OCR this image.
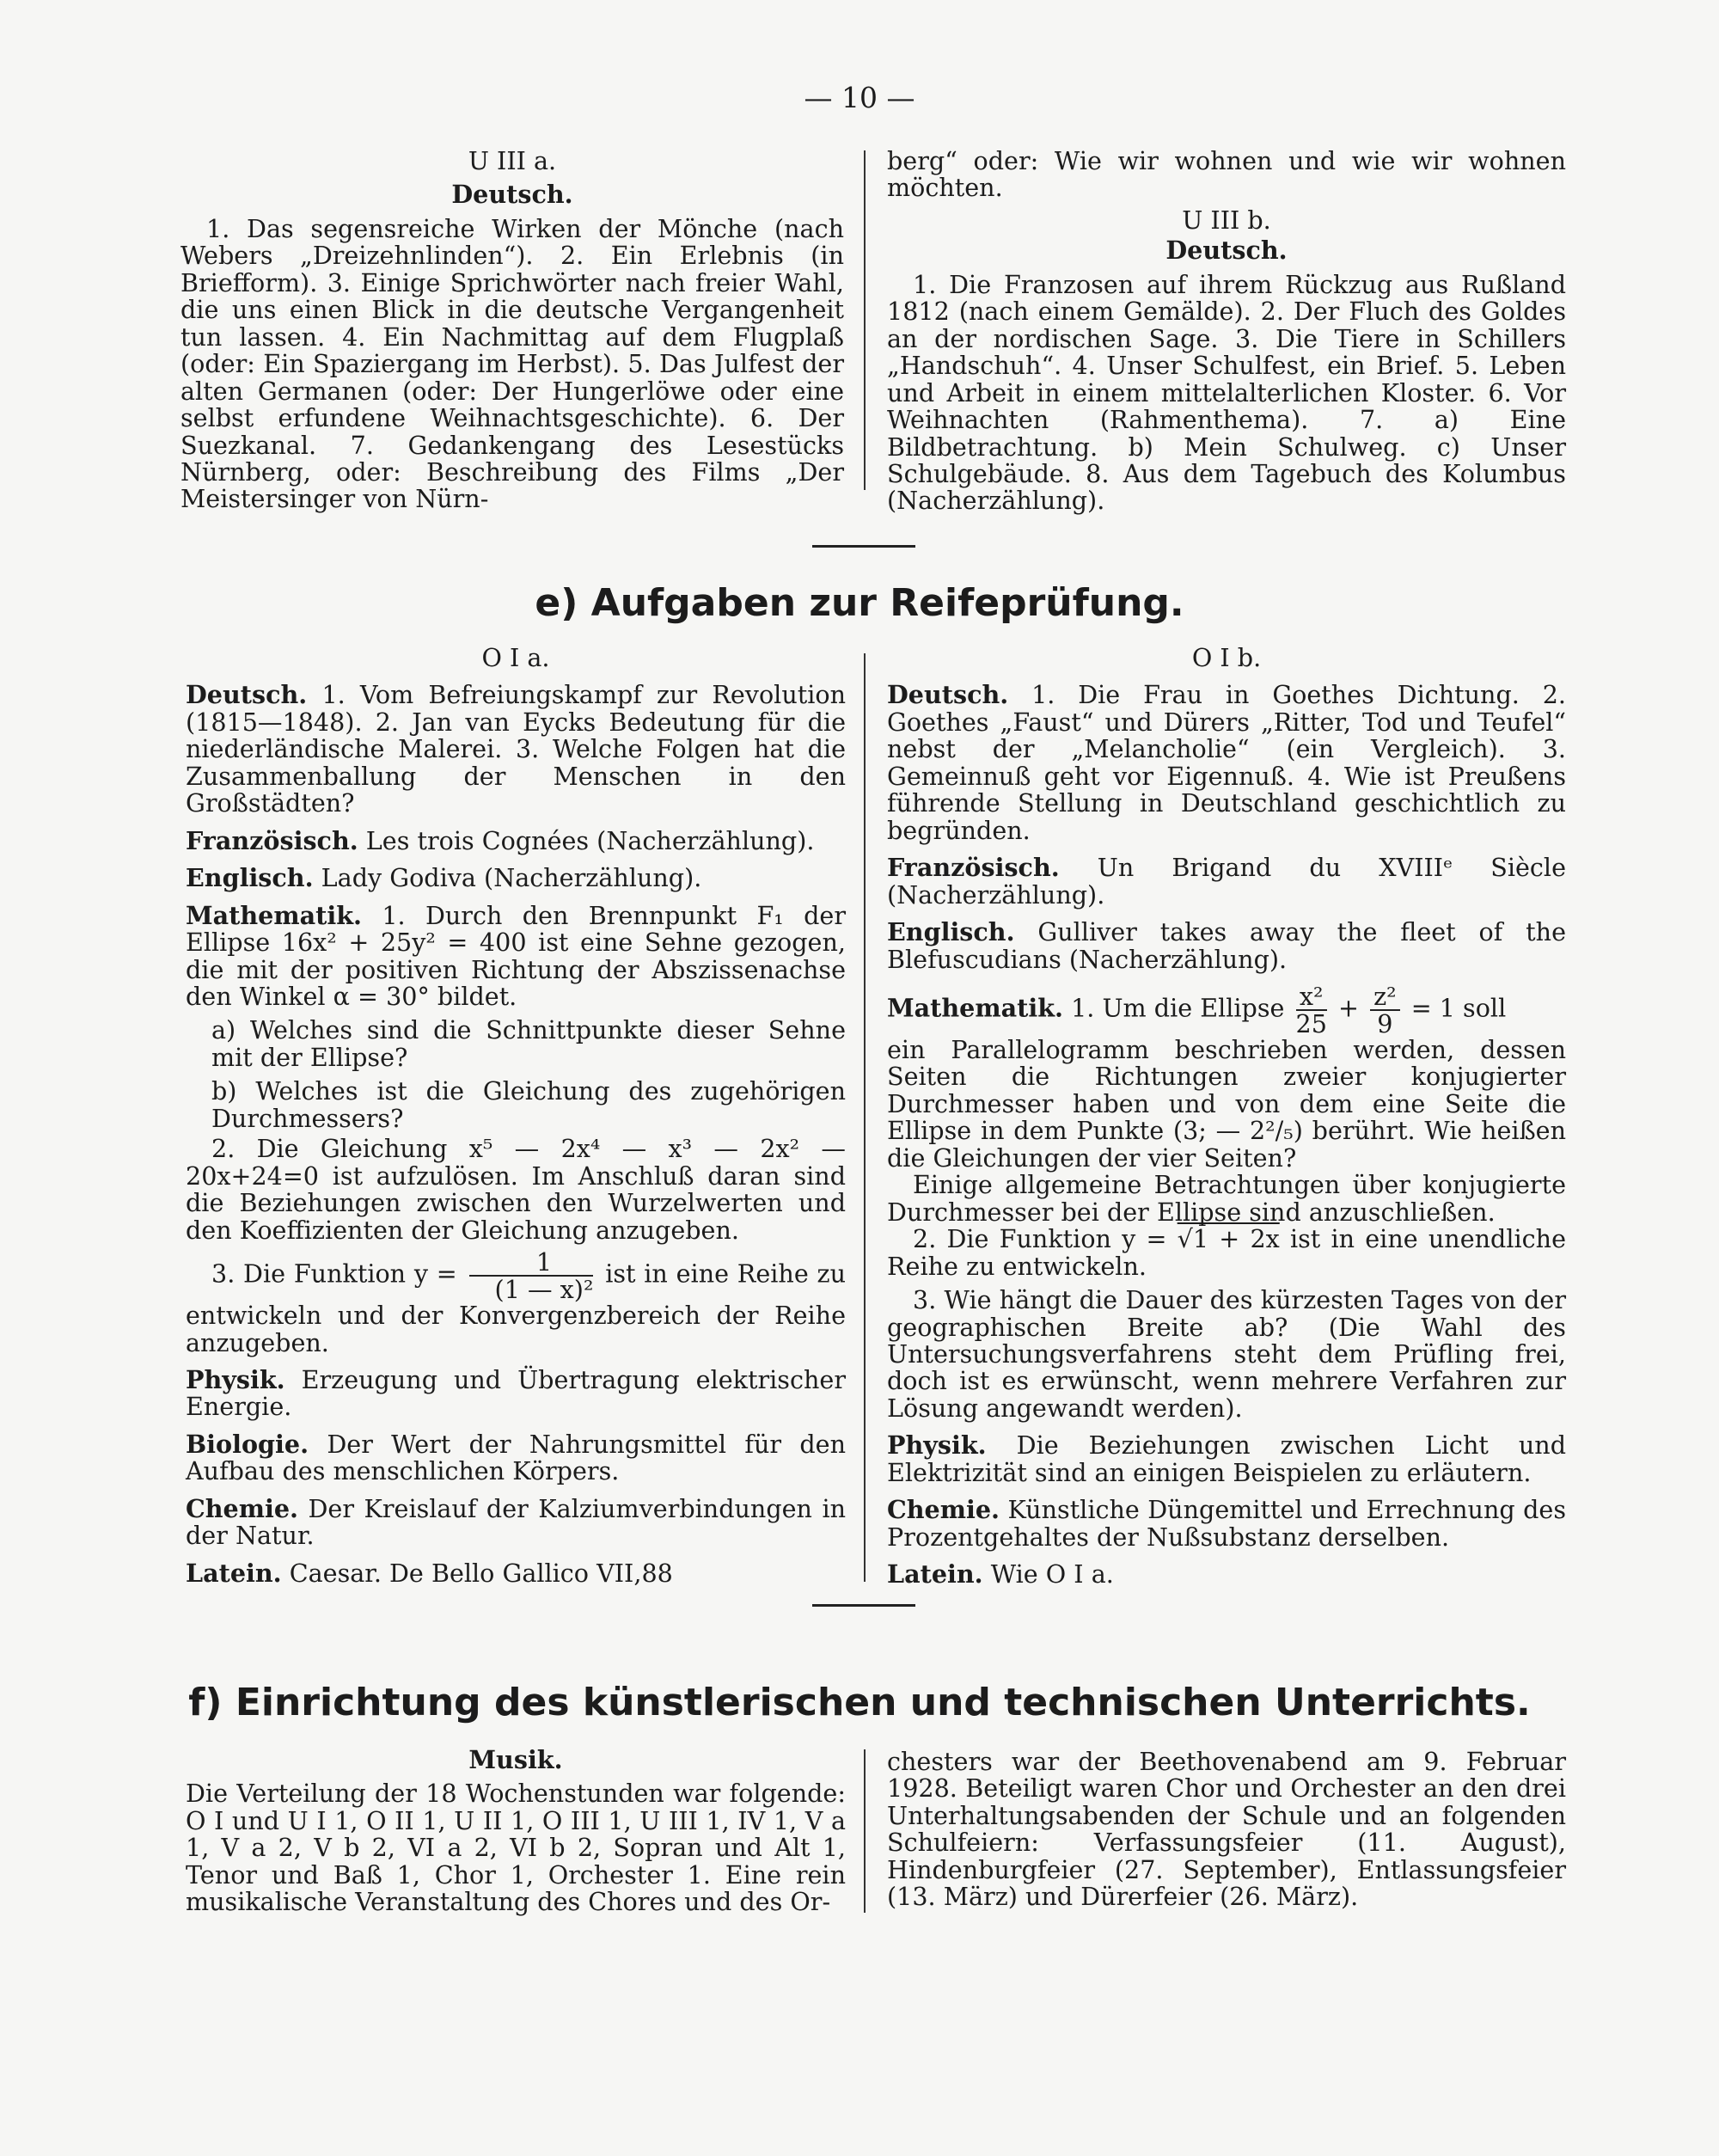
— 10 —

U III a.

Deutsch.

1. Das segensreiche Wirken der Mönche (nach Webers „Dreizehnlinden“). 2. Ein Erlebnis (in Briefform). 3. Einige Sprichwörter nach freier Wahl, die uns einen Blick in die deutsche Vergangenheit tun lassen. 4. Ein Nachmittag auf dem Flugplaß (oder: Ein Spaziergang im Herbst). 5. Das Julfest der alten Germanen (oder: Der Hungerlöwe oder eine selbst erfundene Weihnachtsgeschichte). 6. Der Suezkanal. 7. Gedankengang des Lesestücks Nürnberg, oder: Beschreibung des Films „Der Meistersinger von Nürn-

berg“ oder: Wie wir wohnen und wie wir wohnen möchten.

U III b.

Deutsch.

1. Die Franzosen auf ihrem Rückzug aus Rußland 1812 (nach einem Gemälde). 2. Der Fluch des Goldes an der nordischen Sage. 3. Die Tiere in Schillers „Handschuh“. 4. Unser Schulfest, ein Brief. 5. Leben und Arbeit in einem mittelalterlichen Kloster. 6. Vor Weihnachten (Rahmenthema). 7. a) Eine Bildbetrachtung. b) Mein Schulweg. c) Unser Schulgebäude. 8. Aus dem Tagebuch des Kolumbus (Nacherzählung).

e) Aufgaben zur Reifeprüfung.

O I a.

Deutsch. 1. Vom Befreiungskampf zur Revolution (1815—1848). 2. Jan van Eycks Bedeutung für die niederländische Malerei. 3. Welche Folgen hat die Zusammenballung der Menschen in den Großstädten?

Französisch. Les trois Cognées (Nacherzählung).

Englisch. Lady Godiva (Nacherzählung).

Mathematik. 1. Durch den Brennpunkt F₁ der Ellipse 16x² + 25y² = 400 ist eine Sehne gezogen, die mit der positiven Richtung der Abszissenachse den Winkel α = 30° bildet.

a) Welches sind die Schnittpunkte dieser Sehne mit der Ellipse?

b) Welches ist die Gleichung des zugehörigen Durchmessers?

2. Die Gleichung x⁵ — 2x⁴ — x³ — 2x² — 20x+24=0 ist aufzulösen. Im Anschluß daran sind die Beziehungen zwischen den Wurzelwerten und den Koeffizienten der Gleichung anzugeben.

3. Die Funktion $y = \frac{1}{\text{(1 — x)²}}$ ist in eine Reihe zu entwickeln und der Konvergenzbereich der Reihe anzugeben.

Physik. Erzeugung und Übertragung elektrischer Energie.

Biologie. Der Wert der Nahrungsmittel für den Aufbau des menschlichen Körpers.

Chemie. Der Kreislauf der Kalziumverbindungen in der Natur.

Latein. Caesar. De Bello Gallico VII,88

O I b.

Deutsch. 1. Die Frau in Goethes Dichtung. 2. Goethes „Faust“ und Dürers „Ritter, Tod und Teufel“ nebst der „Melancholie“ (ein Vergleich). 3. Gemeinnuß geht vor Eigennuß. 4. Wie ist Preußens führende Stellung in Deutschland geschichtlich zu begründen.

Französisch. Un Brigand du XVIIIᵉ Siècle (Nacherzählung).

Englisch. Gulliver takes away the fleet of the Blefuscudians (Nacherzählung).

Mathematik. 1. Um die Ellipse $\frac{\text{x²}}{25} + \frac{\text{z²}}{9} = 1$ soll

ein Parallelogramm beschrieben werden, dessen Seiten die Richtungen zweier konjugierter Durchmesser haben und von dem eine Seite die Ellipse in dem Punkte (3; — 2²/₅) berührt. Wie heißen die Gleichungen der vier Seiten?

Einige allgemeine Betrachtungen über konjugierte Durchmesser bei der Ellipse sind anzuschließen.

2. Die Funktion y = √1 + 2x ist in eine unendliche Reihe zu entwickeln.

3. Wie hängt die Dauer des kürzesten Tages von der geographischen Breite ab? (Die Wahl des Untersuchungsverfahrens steht dem Prüfling frei, doch ist es erwünscht, wenn mehrere Verfahren zur Lösung angewandt werden).

Physik. Die Beziehungen zwischen Licht und Elektrizität sind an einigen Beispielen zu erläutern.

Chemie. Künstliche Düngemittel und Errechnung des Prozentgehaltes der Nußsubstanz derselben.

Latein. Wie O I a.

f) Einrichtung des künstlerischen und technischen Unterrichts.

Musik.

Die Verteilung der 18 Wochenstunden war folgende: O I und U I 1, O II 1, U II 1, O III 1, U III 1, IV 1, V a 1, V a 2, V b 2, VI a 2, VI b 2, Sopran und Alt 1, Tenor und Baß 1, Chor 1, Orchester 1. Eine rein musikalische Veranstaltung des Chores und des Or-

chesters war der Beethovenabend am 9. Februar 1928. Beteiligt waren Chor und Orchester an den drei Unterhaltungsabenden der Schule und an folgenden Schulfeiern: Verfassungsfeier (11. August), Hindenburgfeier (27. September), Entlassungsfeier (13. März) und Dürerfeier (26. März).
